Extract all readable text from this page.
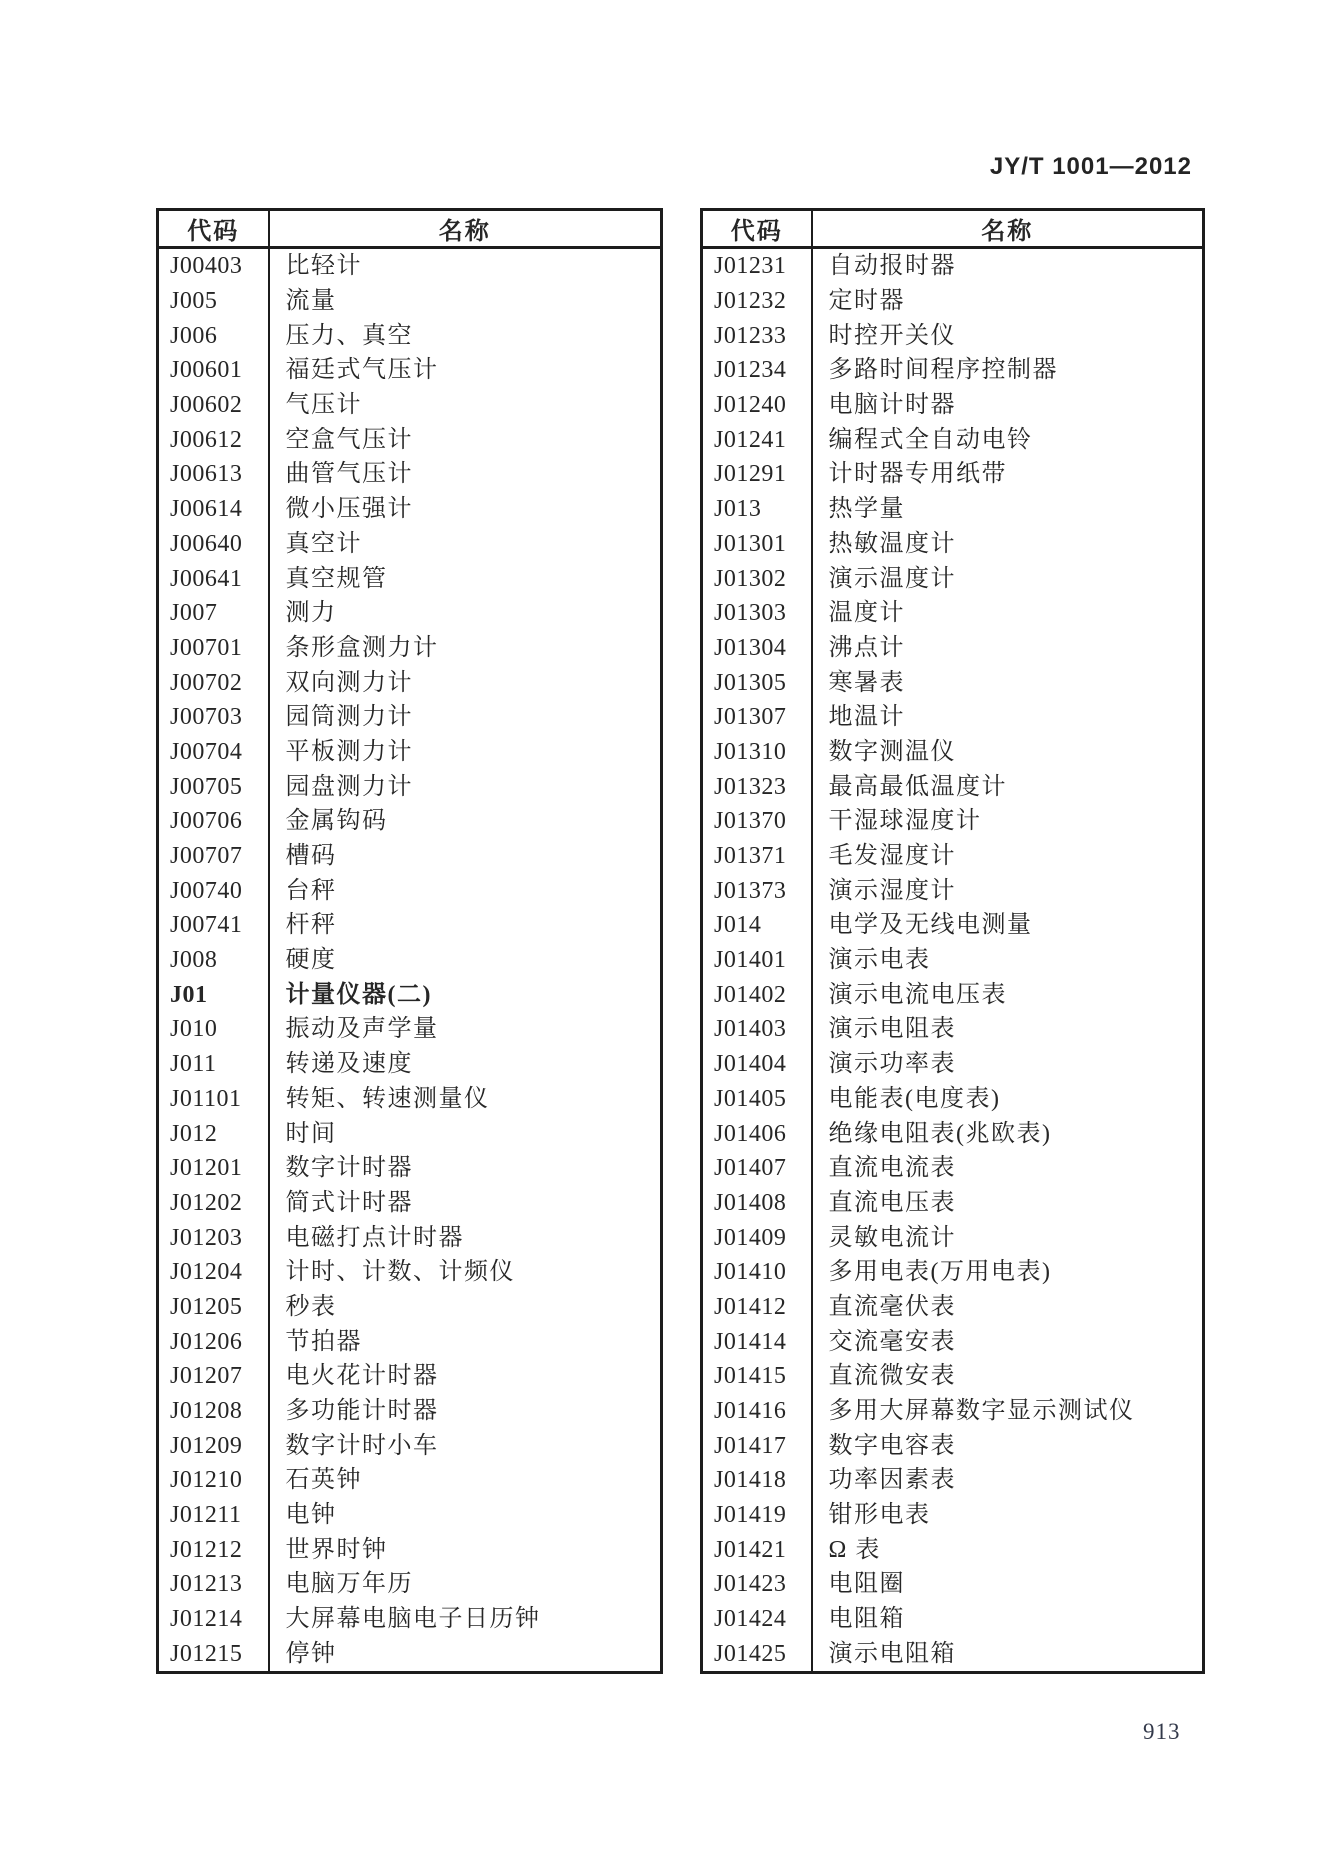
JY/T 1001—2012
代码	名称
J00403	比轻计
J005	流量
J006	压力、真空
J00601	福廷式气压计
J00602	气压计
J00612	空盒气压计
J00613	曲管气压计
J00614	微小压强计
J00640	真空计
J00641	真空规管
J007	测力
J00701	条形盒测力计
J00702	双向测力计
J00703	园筒测力计
J00704	平板测力计
J00705	园盘测力计
J00706	金属钩码
J00707	槽码
J00740	台秤
J00741	杆秤
J008	硬度
J01	计量仪器(二)
J010	振动及声学量
J011	转递及速度
J01101	转矩、转速测量仪
J012	时间
J01201	数字计时器
J01202	简式计时器
J01203	电磁打点计时器
J01204	计时、计数、计频仪
J01205	秒表
J01206	节拍器
J01207	电火花计时器
J01208	多功能计时器
J01209	数字计时小车
J01210	石英钟
J01211	电钟
J01212	世界时钟
J01213	电脑万年历
J01214	大屏幕电脑电子日历钟
J01215	停钟
代码	名称
J01231	自动报时器
J01232	定时器
J01233	时控开关仪
J01234	多路时间程序控制器
J01240	电脑计时器
J01241	编程式全自动电铃
J01291	计时器专用纸带
J013	热学量
J01301	热敏温度计
J01302	演示温度计
J01303	温度计
J01304	沸点计
J01305	寒暑表
J01307	地温计
J01310	数字测温仪
J01323	最高最低温度计
J01370	干湿球湿度计
J01371	毛发湿度计
J01373	演示湿度计
J014	电学及无线电测量
J01401	演示电表
J01402	演示电流电压表
J01403	演示电阻表
J01404	演示功率表
J01405	电能表(电度表)
J01406	绝缘电阻表(兆欧表)
J01407	直流电流表
J01408	直流电压表
J01409	灵敏电流计
J01410	多用电表(万用电表)
J01412	直流毫伏表
J01414	交流毫安表
J01415	直流微安表
J01416	多用大屏幕数字显示测试仪
J01417	数字电容表
J01418	功率因素表
J01419	钳形电表
J01421	Ω 表
J01423	电阻圈
J01424	电阻箱
J01425	演示电阻箱
913
